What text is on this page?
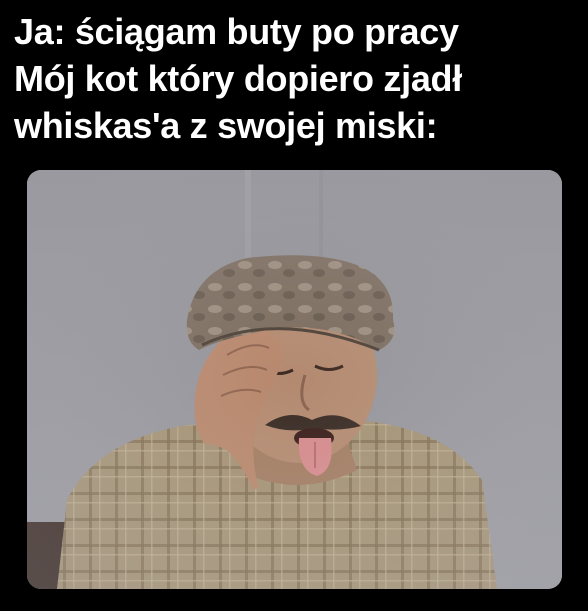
Ja: ściągam buty po pracy
Mój kot który dopiero zjadł
whiskas'a z swojej miski:
